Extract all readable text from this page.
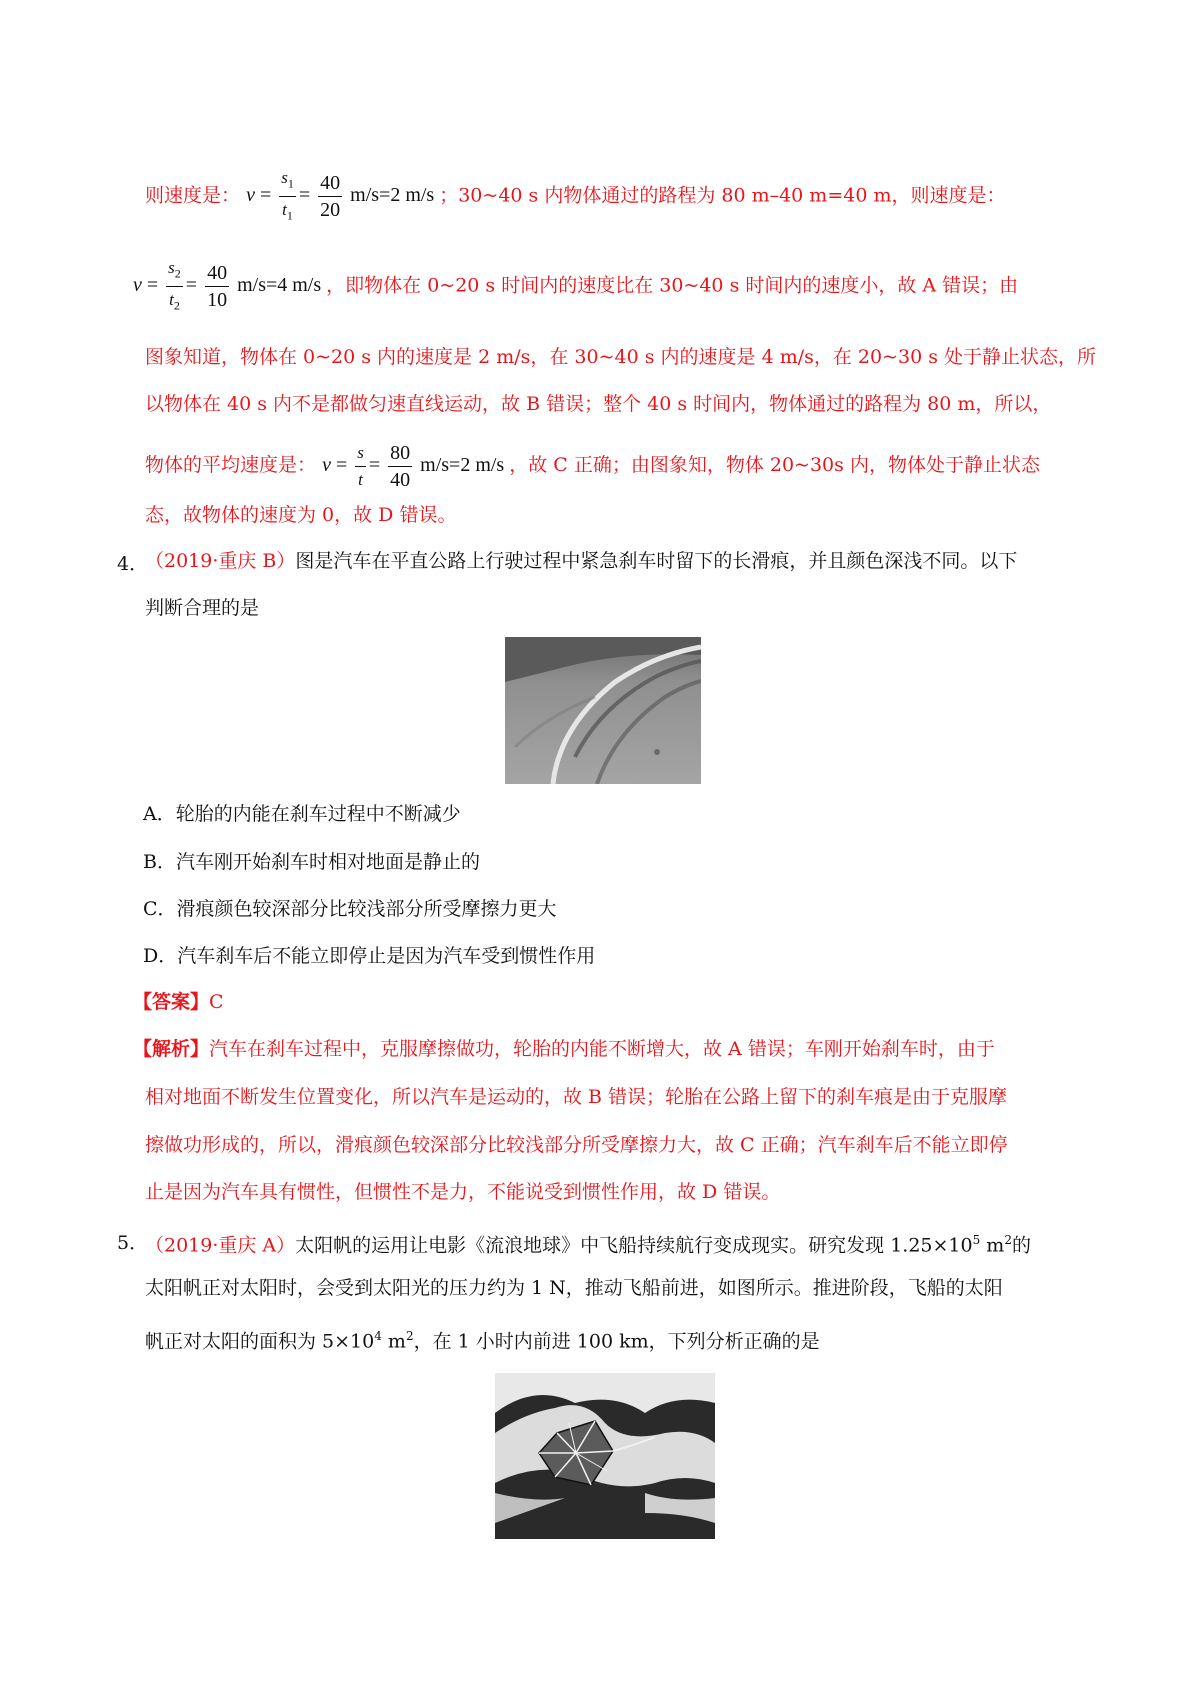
则速度是： $v = \frac{s_1}{t_1} = \frac{40}{20} m/s=2$ m/s ；30~40 s 内物体通过的路程为 80 m–40 m=40 m，则速度是：
$v = \frac{s_2}{t_2} = \frac{40}{10} m/s=4$ m/s ，即物体在 0~20 s 时间内的速度比在 30~40 s 时间内的速度小，故 A 错误；由
图象知道，物体在 0~20 s 内的速度是 2 m/s，在 30~40 s 内的速度是 4 m/s，在 20~30 s 处于静止状态，所
以物体在 40 s 内不是都做匀速直线运动，故 B 错误；整个 40 s 时间内，物体通过的路程为 80 m，所以，
物体的平均速度是： $v = \frac{s}{t} = \frac{80}{40} m/s=2$ m/s ，故 C 正确；由图象知，物体 20~30s 内，物体处于静止状态
态，故物体的速度为 0，故 D 错误。
4．
（2019·重庆 B）图是汽车在平直公路上行驶过程中紧急刹车时留下的长滑痕，并且颜色深浅不同。以下
判断合理的是
A．轮胎的内能在刹车过程中不断减少
B．汽车刚开始刹车时相对地面是静止的
C．滑痕颜色较深部分比较浅部分所受摩擦力更大
D．汽车刹车后不能立即停止是因为汽车受到惯性作用
【答案】C
【解析】汽车在刹车过程中，克服摩擦做功，轮胎的内能不断增大，故 A 错误；车刚开始刹车时，由于
相对地面不断发生位置变化，所以汽车是运动的，故 B 错误；轮胎在公路上留下的刹车痕是由于克服摩
擦做功形成的，所以，滑痕颜色较深部分比较浅部分所受摩擦力大，故 C 正确；汽车刹车后不能立即停
止是因为汽车具有惯性，但惯性不是力，不能说受到惯性作用，故 D 错误。
5．
（2019·重庆 A）太阳帆的运用让电影《流浪地球》中飞船持续航行变成现实。研究发现 $1.25\times 10^5$ $m^2$的
太阳帆正对太阳时，会受到太阳光的压力约为 1 N，推动飞船前进，如图所示。推进阶段，飞船的太阳
帆正对太阳的面积为 $5\times 10^4$ $m^2$，在 1 小时内前进 100 km，下列分析正确的是
